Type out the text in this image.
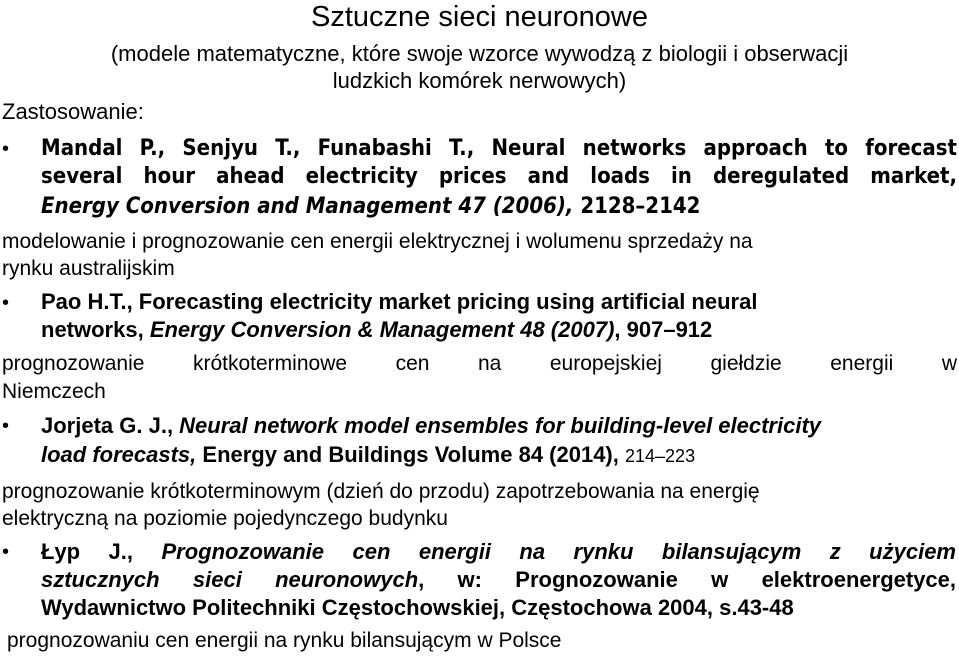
Sztuczne sieci neuronowe
(modele matematyczne, które swoje wzorce wywodzą z biologii i obserwacji
ludzkich komórek nerwowych)
Zastosowanie:
• Mandal P., Senjyu T., Funabashi T., Neural networks approach to forecast
several hour ahead electricity prices and loads in deregulated market,
Energy Conversion and Management 47 (2006), 2128–2142
modelowanie i prognozowanie cen energii elektrycznej i wolumenu sprzedaży na
rynku australijskim
• Pao H.T., Forecasting electricity market pricing using artificial neural
networks, Energy Conversion & Management 48 (2007), 907–912
prognozowanie krótkoterminowe cen na europejskiej giełdzie energii w
Niemczech
• Jorjeta G. J., Neural network model ensembles for building-level electricity
load forecasts, Energy and Buildings Volume 84 (2014), 214–223
prognozowanie krótkoterminowym (dzień do przodu) zapotrzebowania na energię
elektryczną na poziomie pojedynczego budynku
• Łyp J., Prognozowanie cen energii na rynku bilansującym z użyciem
sztucznych sieci neuronowych, w: Prognozowanie w elektroenergetyce,
Wydawnictwo Politechniki Częstochowskiej, Częstochowa 2004, s.43-48
prognozowaniu cen energii na rynku bilansującym w Polsce
